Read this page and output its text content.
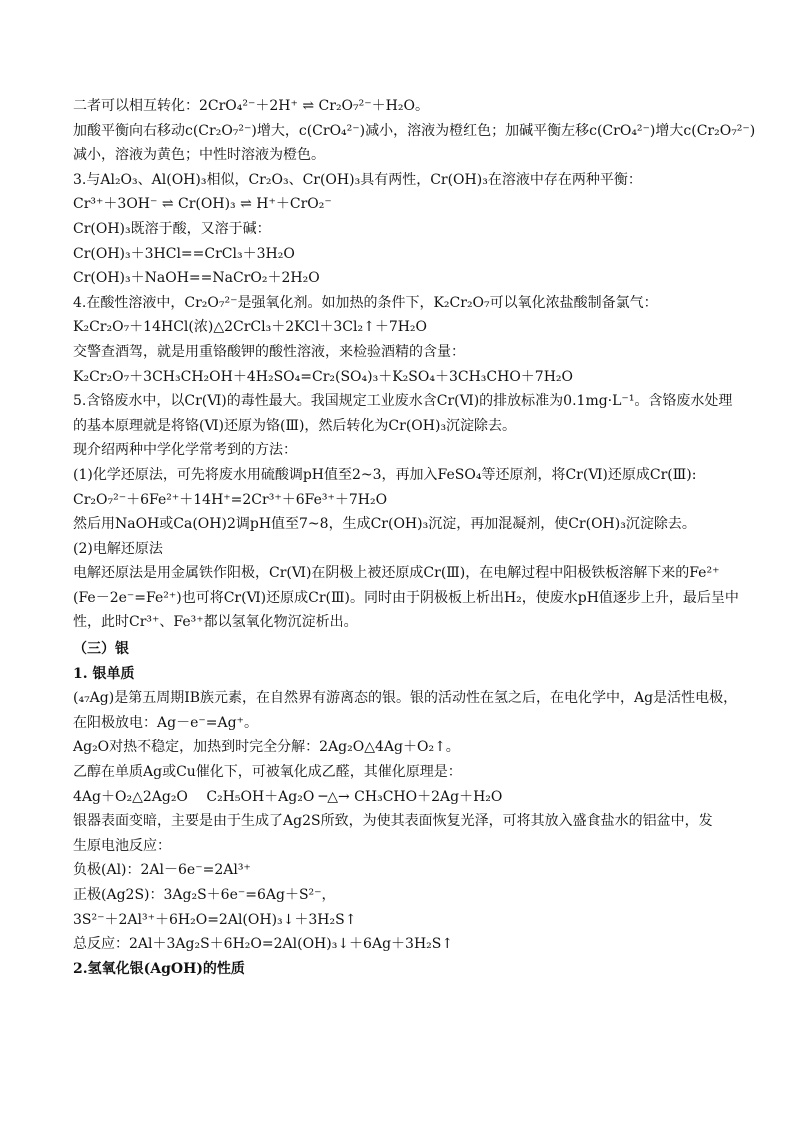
二者可以相互转化：2CrO₄²⁻＋2H⁺ ⇌ Cr₂O₇²⁻＋H₂O。
加酸平衡向右移动c(Cr₂O₇²⁻)增大，c(CrO₄²⁻)减小，溶液为橙红色；加碱平衡左移c(CrO₄²⁻)增大c(Cr₂O₇²⁻)
减小，溶液为黄色；中性时溶液为橙色。
3.与Al₂O₃、Al(OH)₃相似，Cr₂O₃、Cr(OH)₃具有两性，Cr(OH)₃在溶液中存在两种平衡：
Cr³⁺＋3OH⁻ ⇌ Cr(OH)₃ ⇌ H⁺＋CrO₂⁻
Cr(OH)₃既溶于酸，又溶于碱：
Cr(OH)₃＋3HCl==CrCl₃＋3H₂O
Cr(OH)₃＋NaOH==NaCrO₂＋2H₂O
4.在酸性溶液中，Cr₂O₇²⁻是强氧化剂。如加热的条件下，K₂Cr₂O₇可以氧化浓盐酸制备氯气：
K₂Cr₂O₇＋14HCl(浓)△2CrCl₃＋2KCl＋3Cl₂↑＋7H₂O
交警查酒驾，就是用重铬酸钾的酸性溶液，来检验酒精的含量：
K₂Cr₂O₇＋3CH₃CH₂OH＋4H₂SO₄=Cr₂(SO₄)₃＋K₂SO₄＋3CH₃CHO＋7H₂O
5.含铬废水中，以Cr(Ⅵ)的毒性最大。我国规定工业废水含Cr(Ⅵ)的排放标准为0.1mg·L⁻¹。含铬废水处理
的基本原理就是将铬(Ⅵ)还原为铬(Ⅲ)，然后转化为Cr(OH)₃沉淀除去。
现介绍两种中学化学常考到的方法：
(1)化学还原法，可先将废水用硫酸调pH值至2~3，再加入FeSO₄等还原剂，将Cr(Ⅵ)还原成Cr(Ⅲ):
Cr₂O₇²⁻＋6Fe²⁺＋14H⁺=2Cr³⁺＋6Fe³⁺＋7H₂O
然后用NaOH或Ca(OH)2调pH值至7~8，生成Cr(OH)₃沉淀，再加混凝剂，使Cr(OH)₃沉淀除去。
(2)电解还原法
电解还原法是用金属铁作阳极，Cr(Ⅵ)在阴极上被还原成Cr(Ⅲ)，在电解过程中阳极铁板溶解下来的Fe²⁺
(Fe－2e⁻=Fe²⁺)也可将Cr(Ⅵ)还原成Cr(Ⅲ)。同时由于阴极板上析出H₂，使废水pH值逐步上升，最后呈中
性，此时Cr³⁺、Fe³⁺都以氢氧化物沉淀析出。
（三）银
1. 银单质
(₄₇Ag)是第五周期ⅠB族元素，在自然界有游离态的银。银的活动性在氢之后，在电化学中，Ag是活性电极，
在阳极放电：Ag－e⁻=Ag⁺。
Ag₂O对热不稳定，加热到时完全分解：2Ag₂O△4Ag＋O₂↑。
乙醇在单质Ag或Cu催化下，可被氧化成乙醛，其催化原理是：
4Ag＋O₂△2Ag₂O　 C₂H₅OH＋Ag₂O ─△→ CH₃CHO＋2Ag＋H₂O
银器表面变暗，主要是由于生成了Ag2S所致，为使其表面恢复光泽，可将其放入盛食盐水的铝盆中，发
生原电池反应：
负极(Al)：2Al－6e⁻=2Al³⁺
正极(Ag2S)：3Ag₂S＋6e⁻=6Ag＋S²⁻，
3S²⁻＋2Al³⁺＋6H₂O=2Al(OH)₃↓＋3H₂S↑
总反应：2Al＋3Ag₂S＋6H₂O=2Al(OH)₃↓＋6Ag＋3H₂S↑
2.氢氧化银(AgOH)的性质
